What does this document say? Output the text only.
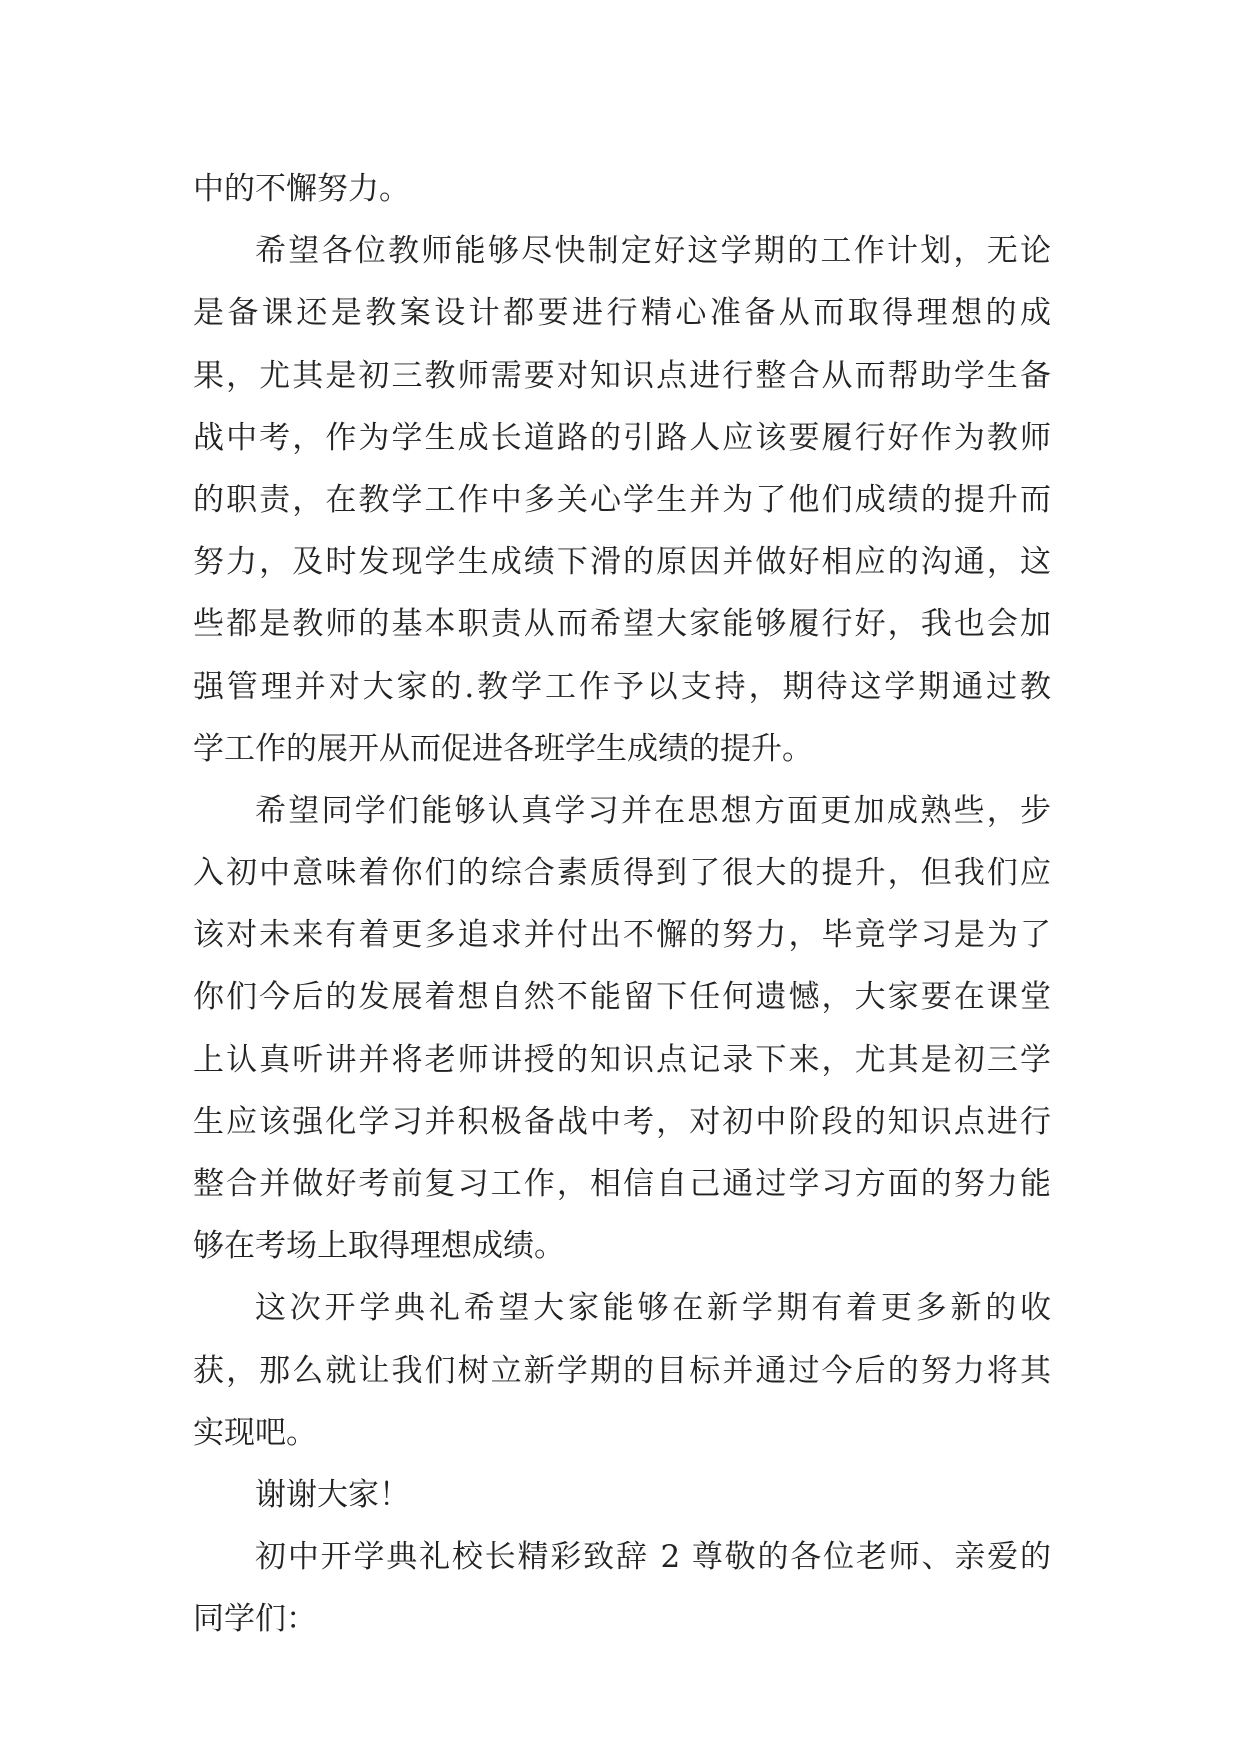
中的不懈努力。
希望各位教师能够尽快制定好这学期的工作计划，无论
是备课还是教案设计都要进行精心准备从而取得理想的成
果，尤其是初三教师需要对知识点进行整合从而帮助学生备
战中考，作为学生成长道路的引路人应该要履行好作为教师
的职责，在教学工作中多关心学生并为了他们成绩的提升而
努力，及时发现学生成绩下滑的原因并做好相应的沟通，这
些都是教师的基本职责从而希望大家能够履行好，我也会加
强管理并对大家的.教学工作予以支持，期待这学期通过教
学工作的展开从而促进各班学生成绩的提升。
希望同学们能够认真学习并在思想方面更加成熟些，步
入初中意味着你们的综合素质得到了很大的提升，但我们应
该对未来有着更多追求并付出不懈的努力，毕竟学习是为了
你们今后的发展着想自然不能留下任何遗憾，大家要在课堂
上认真听讲并将老师讲授的知识点记录下来，尤其是初三学
生应该强化学习并积极备战中考，对初中阶段的知识点进行
整合并做好考前复习工作，相信自己通过学习方面的努力能
够在考场上取得理想成绩。
这次开学典礼希望大家能够在新学期有着更多新的收
获，那么就让我们树立新学期的目标并通过今后的努力将其
实现吧。
谢谢大家！
初中开学典礼校长精彩致辞 2 尊敬的各位老师、亲爱的
同学们：
